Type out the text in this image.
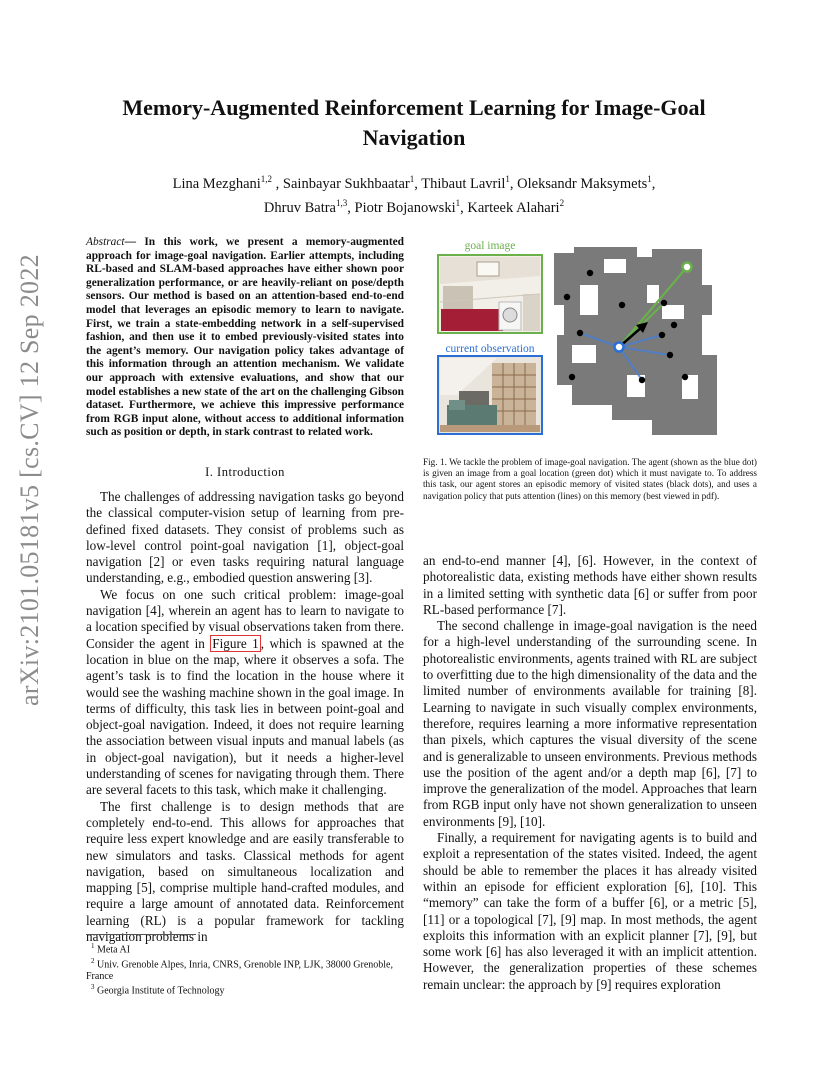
Memory-Augmented Reinforcement Learning for Image-Goal Navigation
Lina Mezghani$^{1,2}$ , Sainbayar Sukhbaatar$^1$, Thibaut Lavril$^1$, Oleksandr Maksymets$^1$,
Dhruv Batra$^{1,3}$, Piotr Bojanowski$^1$, Karteek Alahari$^2$
arXiv:2101.05181v5 [cs.CV] 12 Sep 2022
Abstract— In this work, we present a memory-augmented approach for image-goal navigation. Earlier attempts, including RL-based and SLAM-based approaches have either shown poor generalization performance, or are heavily-reliant on pose/depth sensors. Our method is based on an attention-based end-to-end model that leverages an episodic memory to learn to navigate. First, we train a state-embedding network in a self-supervised fashion, and then use it to embed previously-visited states into the agent’s memory. Our navigation policy takes advantage of this information through an attention mechanism. We validate our approach with extensive evaluations, and show that our model establishes a new state of the art on the challenging Gibson dataset. Furthermore, we achieve this impressive performance from RGB input alone, without access to additional information such as position or depth, in stark contrast to related work.
I. Introduction

The challenges of addressing navigation tasks go beyond the classical computer-vision setup of learning from pre-defined fixed datasets. They consist of problems such as low-level control point-goal navigation [1], object-goal navigation [2] or even tasks requiring natural language understanding, e.g., embodied question answering [3].

We focus on one such critical problem: image-goal navigation [4], wherein an agent has to learn to navigate to a location specified by visual observations taken from there. Consider the agent in Figure 1 , which is spawned at the location in blue on the map, where it observes a sofa. The agent’s task is to find the location in the house where it would see the washing machine shown in the goal image. In terms of difficulty, this task lies in between point-goal and object-goal navigation. Indeed, it does not require learning the association between visual inputs and manual labels (as in object-goal navigation), but it needs a higher-level understanding of scenes for navigating through them. There are several facets to this task, which make it challenging.

The first challenge is to design methods that are completely end-to-end. This allows for approaches that require less expert knowledge and are easily transferable to new simulators and tasks. Classical methods for agent navigation, based on simultaneous localization and mapping [5], comprise multiple hand-crafted modules, and require a large amount of annotated data. Reinforcement learning (RL) is a popular framework for tackling navigation problems in

$^1$ Meta AI
$^2$ Univ. Grenoble Alpes, Inria, CNRS, Grenoble INP, LJK, 38000 Grenoble, France
$^3$ Georgia Institute of Technology
goal image
current observation
Fig. 1. We tackle the problem of image-goal navigation. The agent (shown as the blue dot) is given an image from a goal location (green dot) which it must navigate to. To address this task, our agent stores an episodic memory of visited states (black dots), and uses a navigation policy that puts attention (lines) on this memory (best viewed in pdf).

an end-to-end manner [4], [6]. However, in the context of photorealistic data, existing methods have either shown results in a limited setting with synthetic data [6] or suffer from poor RL-based performance [7].

The second challenge in image-goal navigation is the need for a high-level understanding of the surrounding scene. In photorealistic environments, agents trained with RL are subject to overfitting due to the high dimensionality of the data and the limited number of environments available for training [8]. Learning to navigate in such visually complex environments, therefore, requires learning a more informative representation than pixels, which captures the visual diversity of the scene and is generalizable to unseen environments. Previous methods use the position of the agent and/or a depth map [6], [7] to improve the generalization of the model. Approaches that learn from RGB input only have not shown generalization to unseen environments [9], [10].

Finally, a requirement for navigating agents is to build and exploit a representation of the states visited. Indeed, the agent should be able to remember the places it has already visited within an episode for efficient exploration [6], [10]. This “memory” can take the form of a buffer [6], or a metric [5], [11] or a topological [7], [9] map. In most methods, the agent exploits this information with an explicit planner [7], [9], but some work [6] has also leveraged it with an implicit attention. However, the generalization properties of these schemes remain unclear: the approach by [9] requires exploration
